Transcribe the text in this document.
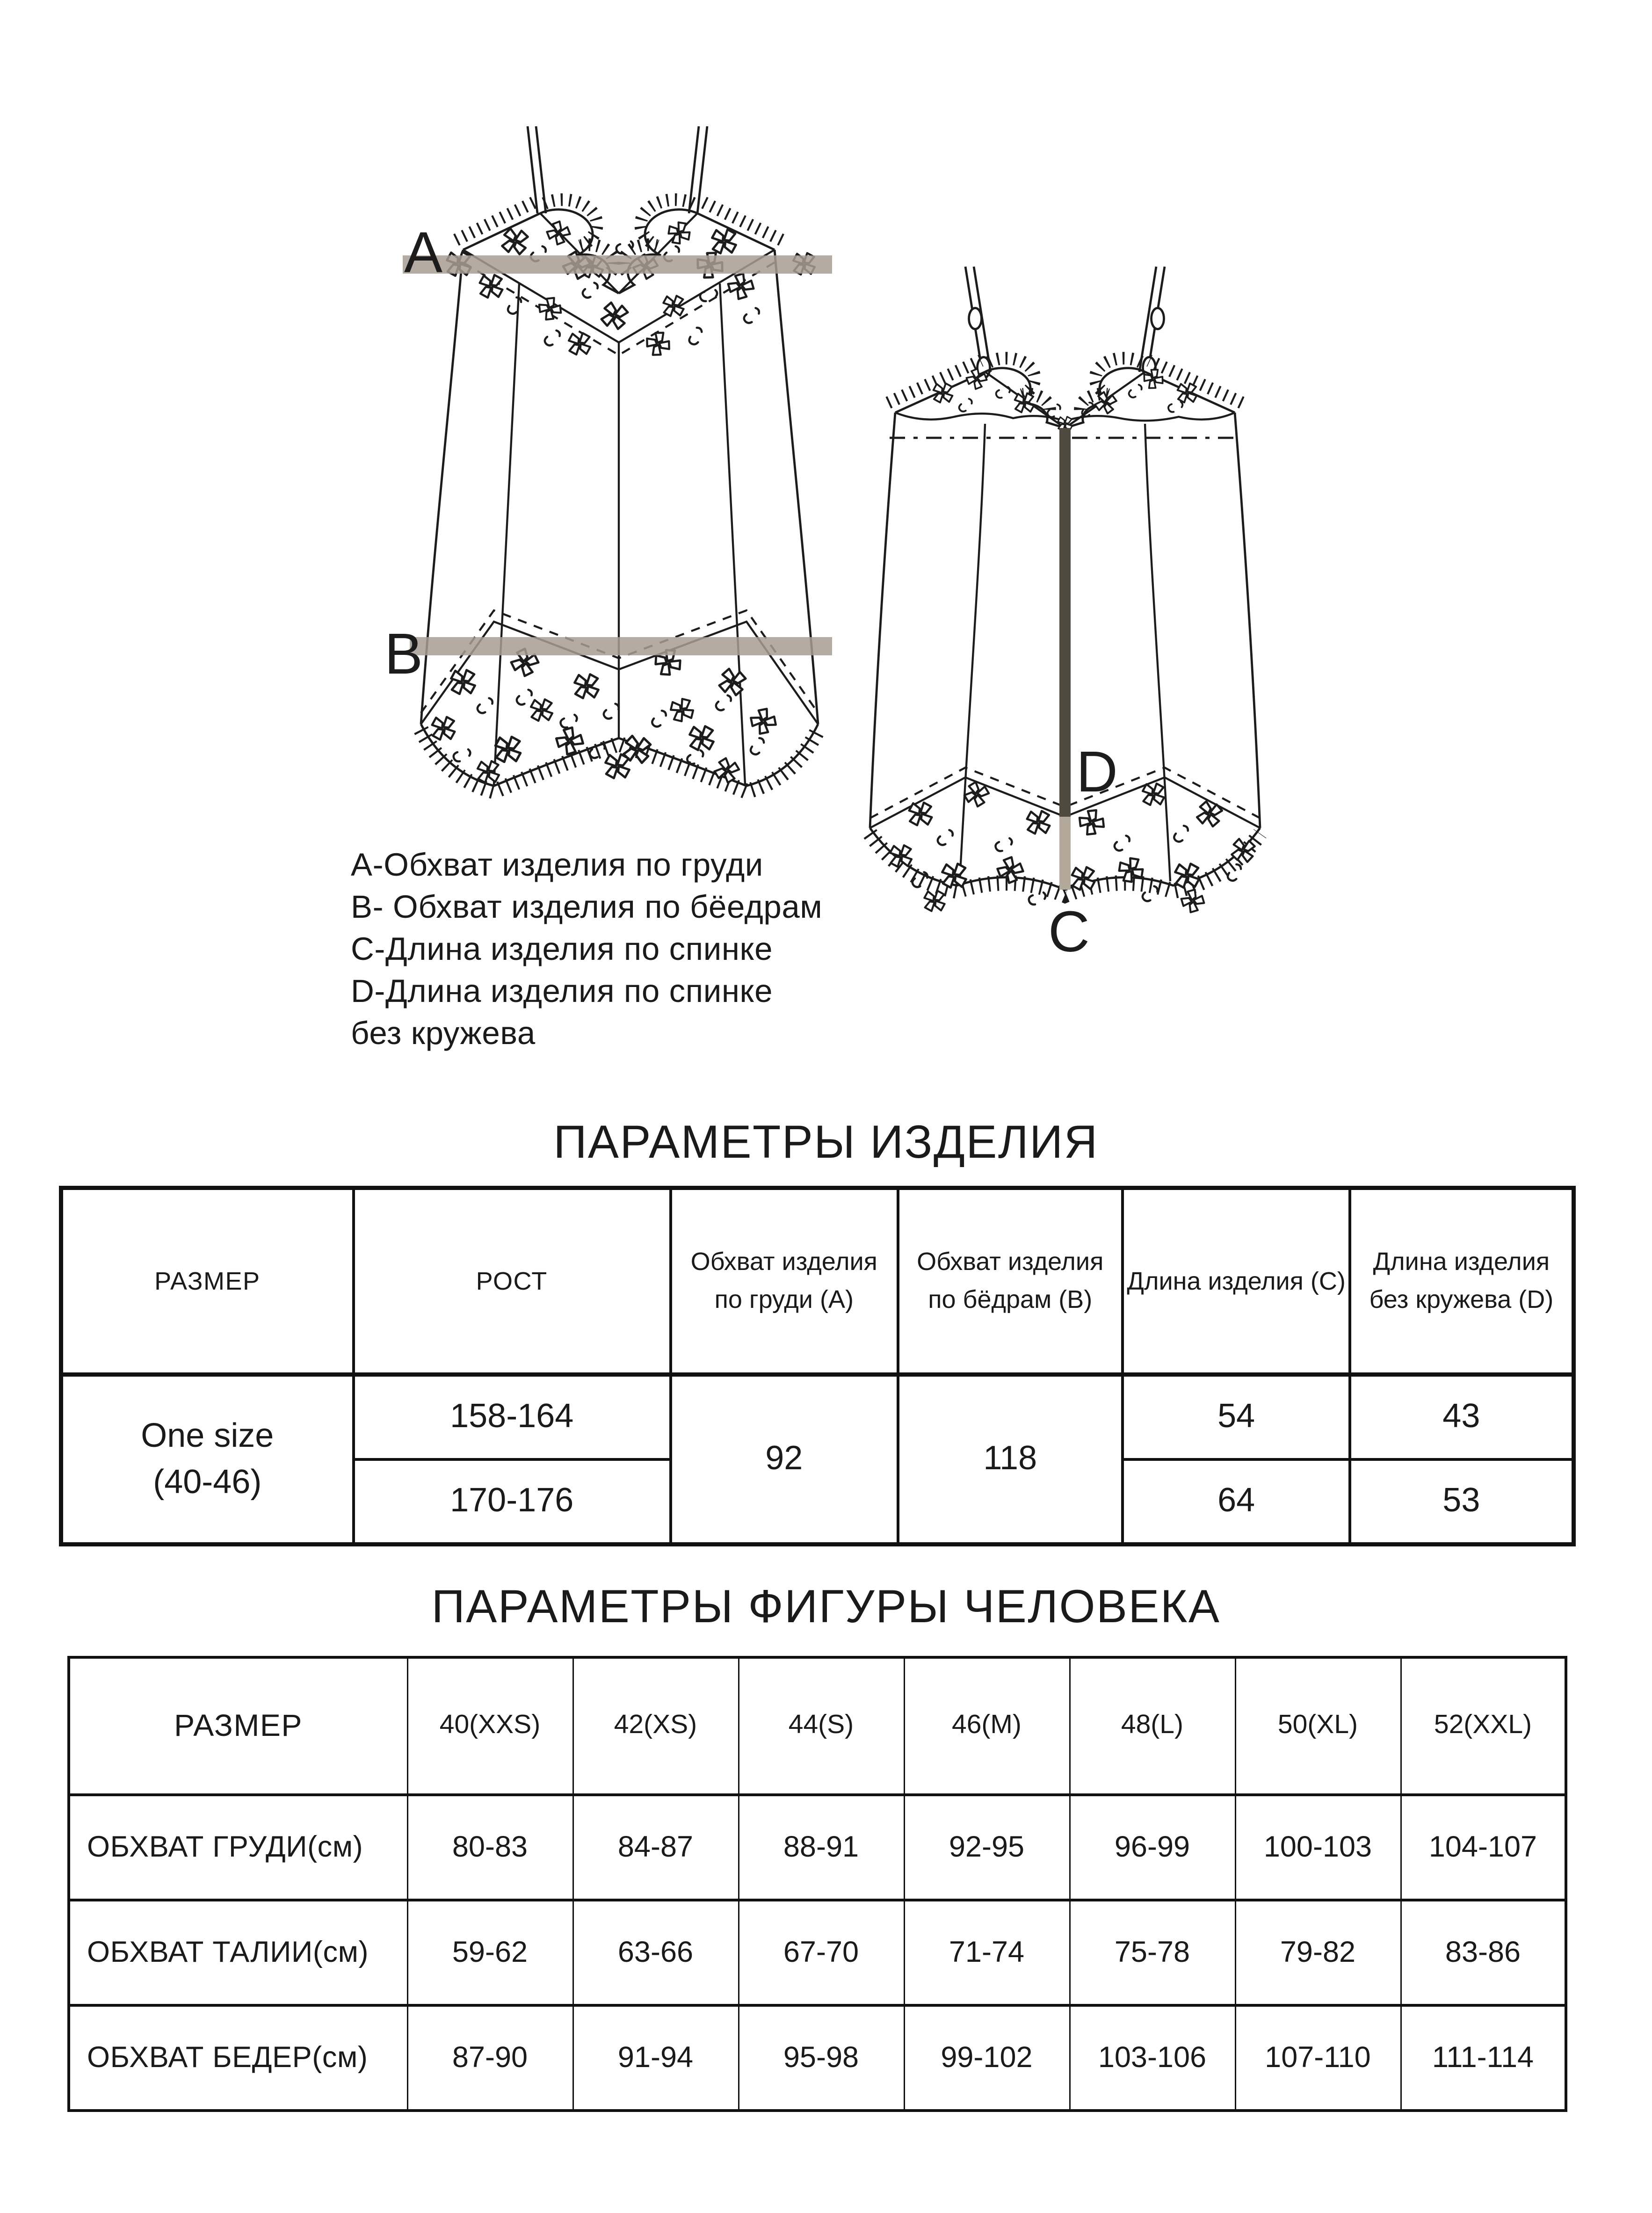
A
B
D
C
А-Обхват изделия по груди
В- Обхват изделия по бёедрам
С-Длина изделия по спинке
D-Длина изделия по спинке
без кружева
ПАРАМЕТРЫ ИЗДЕЛИЯ
РАЗМЕР	РОСТ	Обхват изделия по груди (А)	Обхват изделия по бёдрам (В)	Длина изделия (С)	Длина изделия без кружева (D)

One size
(40-46)	158-164	92	118	54	43
	170-176			64	53
ПАРАМЕТРЫ ФИГУРЫ ЧЕЛОВЕКА
РАЗМЕР	40(XXS)	42(XS)	44(S)	46(M)	48(L)	50(XL)	52(XXL)
ОБХВАТ ГРУДИ(см)	80-83	84-87	88-91	92-95	96-99	100-103	104-107
ОБХВАТ ТАЛИИ(см)	59-62	63-66	67-70	71-74	75-78	79-82	83-86
ОБХВАТ БЕДЕР(см)	87-90	91-94	95-98	99-102	103-106	107-110	111-114
